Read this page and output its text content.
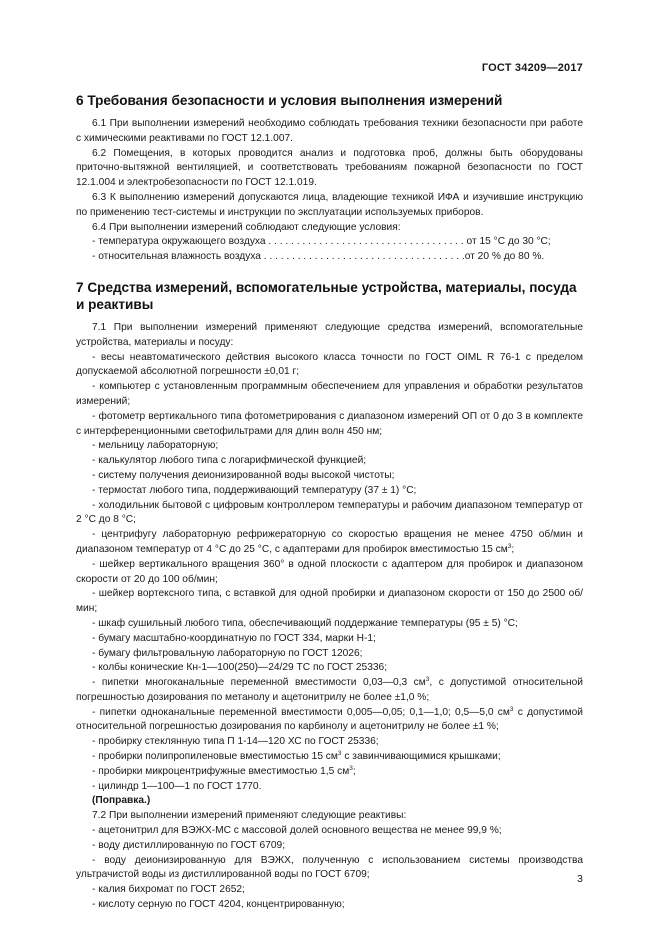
ГОСТ 34209—2017
6 Требования безопасности и условия выполнения измерений

6.1 При выполнении измерений необходимо соблюдать требования техники безопасности при работе с химическими реактивами по ГОСТ 12.1.007.

6.2 Помещения, в которых проводится анализ и подготовка проб, должны быть оборудованы приточно-вытяжной вентиляцией, и соответствовать требованиям пожарной безопасности по ГОСТ 12.1.004 и электробезопасности по ГОСТ 12.1.019.

6.3 К выполнению измерений допускаются лица, владеющие техникой ИФА и изучившие инструкцию по применению тест-системы и инструкции по эксплуатации используемых приборов.

6.4 При выполнении измерений соблюдают следующие условия:

- температура окружающего воздуха . . . . . . . . . . . . . . . . . . . . . . . . . . . . . . . . . . . от 15 °С до 30 °С;

- относительная влажность воздуха . . . . . . . . . . . . . . . . . . . . . . . . . . . . . . . . . . . .от 20 % до 80 %.

7 Средства измерений, вспомогательные устройства, материалы, посуда и реактивы

7.1 При выполнении измерений применяют следующие средства измерений, вспомогательные устройства, материалы и посуду:

- весы неавтоматического действия высокого класса точности по ГОСТ OIML R 76-1 с пределом допускаемой абсолютной погрешности ±0,01 г;

- компьютер с установленным программным обеспечением для управления и обработки результатов измерений;

- фотометр вертикального типа фотометрирования с диапазоном измерений ОП от 0 до 3 в комплекте с интерференционными светофильтрами для длин волн 450 нм;

- мельницу лабораторную;

- калькулятор любого типа с логарифмической функцией;

- систему получения деионизированной воды высокой чистоты;

- термостат любого типа, поддерживающий температуру (37 ± 1) °С;

- холодильник бытовой с цифровым контроллером температуры и рабочим диапазоном температур от 2 °С до 8 °С;

- центрифугу лабораторную рефрижераторную со скоростью вращения не менее 4750 об/мин и диапазоном температур от 4 °С до 25 °С, с адаптерами для пробирок вместимостью 15 $см^3$;

- шейкер вертикального вращения 360° в одной плоскости с адаптером для пробирок и диапазоном скорости от 20 до 100 об/мин;

- шейкер вортексного типа, с вставкой для одной пробирки и диапазоном скорости от 150 до 2500 об/мин;

- шкаф сушильный любого типа, обеспечивающий поддержание температуры (95 ± 5) °С;

- бумагу масштабно-координатную по ГОСТ 334, марки Н-1;

- бумагу фильтровальную лабораторную по ГОСТ 12026;

- колбы конические Кн-1—100(250)—24/29 ТС по ГОСТ 25336;

- пипетки многоканальные переменной вместимости 0,03—0,3 $см^3$, с допустимой относительной погрешностью дозирования по метанолу и ацетонитрилу не более ±1,0 %;

- пипетки одноканальные переменной вместимости 0,005—0,05; 0,1—1,0; 0,5—5,0 $см^3$ с допустимой относительной погрешностью дозирования по карбинолу и ацетонитрилу не более ±1 %;

- пробирку стеклянную типа П 1-14—120 ХС по ГОСТ 25336;

- пробирки полипропиленовые вместимостью 15 $см^3$ с завинчивающимися крышками;

- пробирки микроцентрифужные вместимостью 1,5 $см^3$;

- цилиндр 1—100—1 по ГОСТ 1770.

(Поправка.)

7.2 При выполнении измерений применяют следующие реактивы:

- ацетонитрил для ВЭЖХ-МС с массовой долей основного вещества не менее 99,9 %;

- воду дистиллированную по ГОСТ 6709;

- воду деионизированную для ВЭЖХ, полученную с использованием системы производства ультрачистой воды из дистиллированной воды по ГОСТ 6709;

- калия бихромат по ГОСТ 2652;

- кислоту серную по ГОСТ 4204, концентрированную;

3
